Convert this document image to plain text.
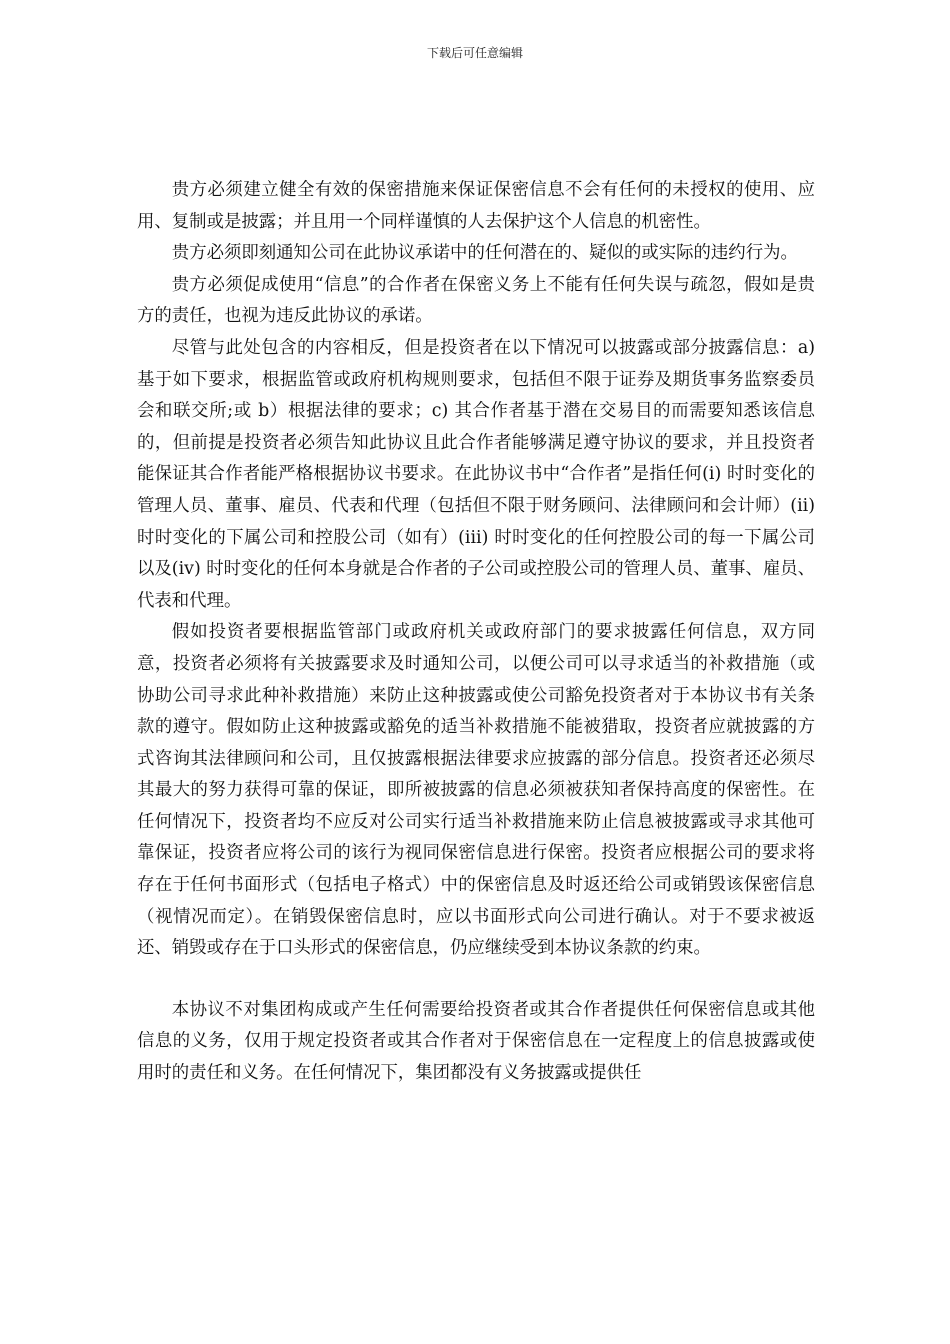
下载后可任意编辑

贵方必须建立健全有效的保密措施来保证保密信息不会有任何的未授权的使用、应用、复制或是披露；并且用一个同样谨慎的人去保护这个人信息的机密性。

贵方必须即刻通知公司在此协议承诺中的任何潜在的、疑似的或实际的违约行为。

贵方必须促成使用“信息”的合作者在保密义务上不能有任何失误与疏忽，假如是贵方的责任，也视为违反此协议的承诺。

尽管与此处包含的内容相反，但是投资者在以下情况可以披露或部分披露信息：a) 基于如下要求，根据监管或政府机构规则要求，包括但不限于证券及期货事务监察委员会和联交所;或 b）根据法律的要求；c) 其合作者基于潜在交易目的而需要知悉该信息的，但前提是投资者必须告知此协议且此合作者能够满足遵守协议的要求，并且投资者能保证其合作者能严格根据协议书要求。在此协议书中“合作者”是指任何(i) 时时变化的管理人员、董事、雇员、代表和代理（包括但不限于财务顾问、法律顾问和会计师）(ii) 时时变化的下属公司和控股公司（如有）(iii) 时时变化的任何控股公司的每一下属公司 以及(iv) 时时变化的任何本身就是合作者的子公司或控股公司的管理人员、董事、雇员、代表和代理。

假如投资者要根据监管部门或政府机关或政府部门的要求披露任何信息，双方同意，投资者必须将有关披露要求及时通知公司，以便公司可以寻求适当的补救措施（或协助公司寻求此种补救措施）来防止这种披露或使公司豁免投资者对于本协议书有关条款的遵守。假如防止这种披露或豁免的适当补救措施不能被猎取，投资者应就披露的方式咨询其法律顾问和公司，且仅披露根据法律要求应披露的部分信息。投资者还必须尽其最大的努力获得可靠的保证，即所被披露的信息必须被获知者保持高度的保密性。在任何情况下，投资者均不应反对公司实行适当补救措施来防止信息被披露或寻求其他可靠保证，投资者应将公司的该行为视同保密信息进行保密。投资者应根据公司的要求将存在于任何书面形式（包括电子格式）中的保密信息及时返还给公司或销毁该保密信息（视情况而定）。在销毁保密信息时，应以书面形式向公司进行确认。对于不要求被返还、销毁或存在于口头形式的保密信息，仍应继续受到本协议条款的约束。

本协议不对集团构成或产生任何需要给投资者或其合作者提供任何保密信息或其他信息的义务，仅用于规定投资者或其合作者对于保密信息在一定程度上的信息披露或使用时的责任和义务。在任何情况下，集团都没有义务披露或提供任
